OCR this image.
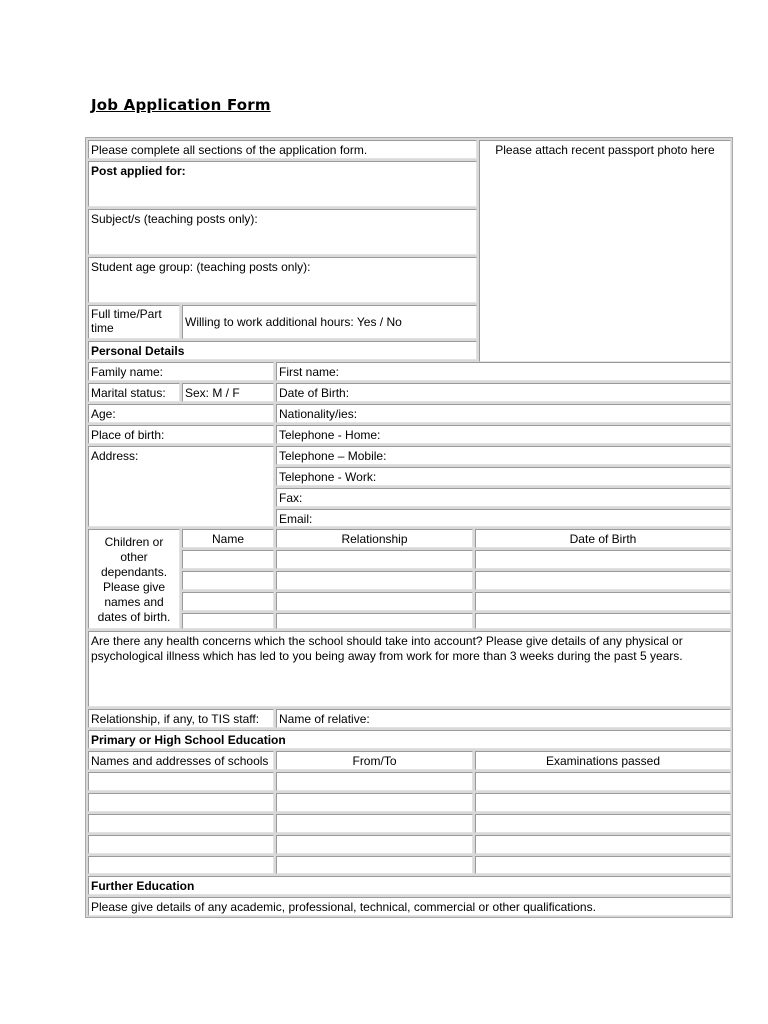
Job Application Form
Please complete all sections of the application form.	Please attach recent passport photo here
Post applied for:
Subject/s (teaching posts only):
Student age group: (teaching posts only):
Full time/Part time	Willing to work additional hours: Yes / No
Personal Details
Family name:	First name:
Marital status:	Sex: M / F	Date of Birth:
Age:	Nationality/ies:
Place of birth:	Telephone - Home:
Address:	Telephone – Mobile:
Telephone - Work:
Fax:
Email:
Children or other dependants. Please give names and dates of birth.
Name	Relationship	Date of Birth
Are there any health concerns which the school should take into account? Please give details of any physical or psychological illness which has led to you being away from work for more than 3 weeks during the past 5 years.
Relationship, if any, to TIS staff:	Name of relative:
Primary or High School Education
Names and addresses of schools	From/To	Examinations passed
Further Education
Please give details of any academic, professional, technical, commercial or other qualifications.
